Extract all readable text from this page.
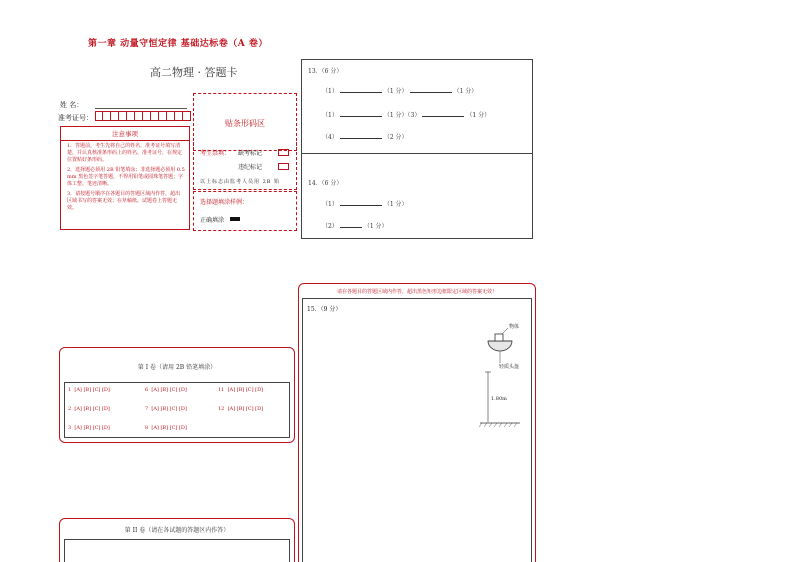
第一章 动量守恒定律 基础达标卷（A 卷）
高二物理 · 答题卡
姓 名：
准考证号：
贴条形码区
注意事项
1．答题前，考生先将自己的姓名，准考证号填写清楚，并认真核准条形码上的姓名、准考证号，在规定位置贴好条形码。
2．选择题必须用 2B 铅笔填涂；非选择题必须用 0.5 mm 黑色签字笔答题，不得用铅笔或圆珠笔答题；字体工整、笔迹清晰。
3．请按题号顺序在各题目的答题区域内作答，超出区域书写的答案无效；在草稿纸、试题卷上答题无效。
考生禁填： 缺考标记
违纪标记
以上标志由监考人员用 2B 铅
选择题填涂样例：
正确填涂
13．（6 分）
（1）	（1 分）	（1 分）
（1）	（1 分）（3）	（1 分）
（4）	（2 分）
14．（6 分）
（1）	（1 分）
（2）	（1 分）
请在各题目的答题区域内作答，超出黑色矩形边框限定区域的答案无效！
15．（9 分）
物体
轻质头盔
1.80m
第 I 卷（请用 2B 铅笔填涂）
1 [A] [B] [C] [D]	6 [A] [B] [C] [D]	11 [A] [B] [C] [D]
2 [A] [B] [C] [D]	7 [A] [B] [C] [D]	12 [A] [B] [C] [D]
3 [A] [B] [C] [D]	8 [A] [B] [C] [D]
第 II 卷（请在各试题的答题区内作答）
